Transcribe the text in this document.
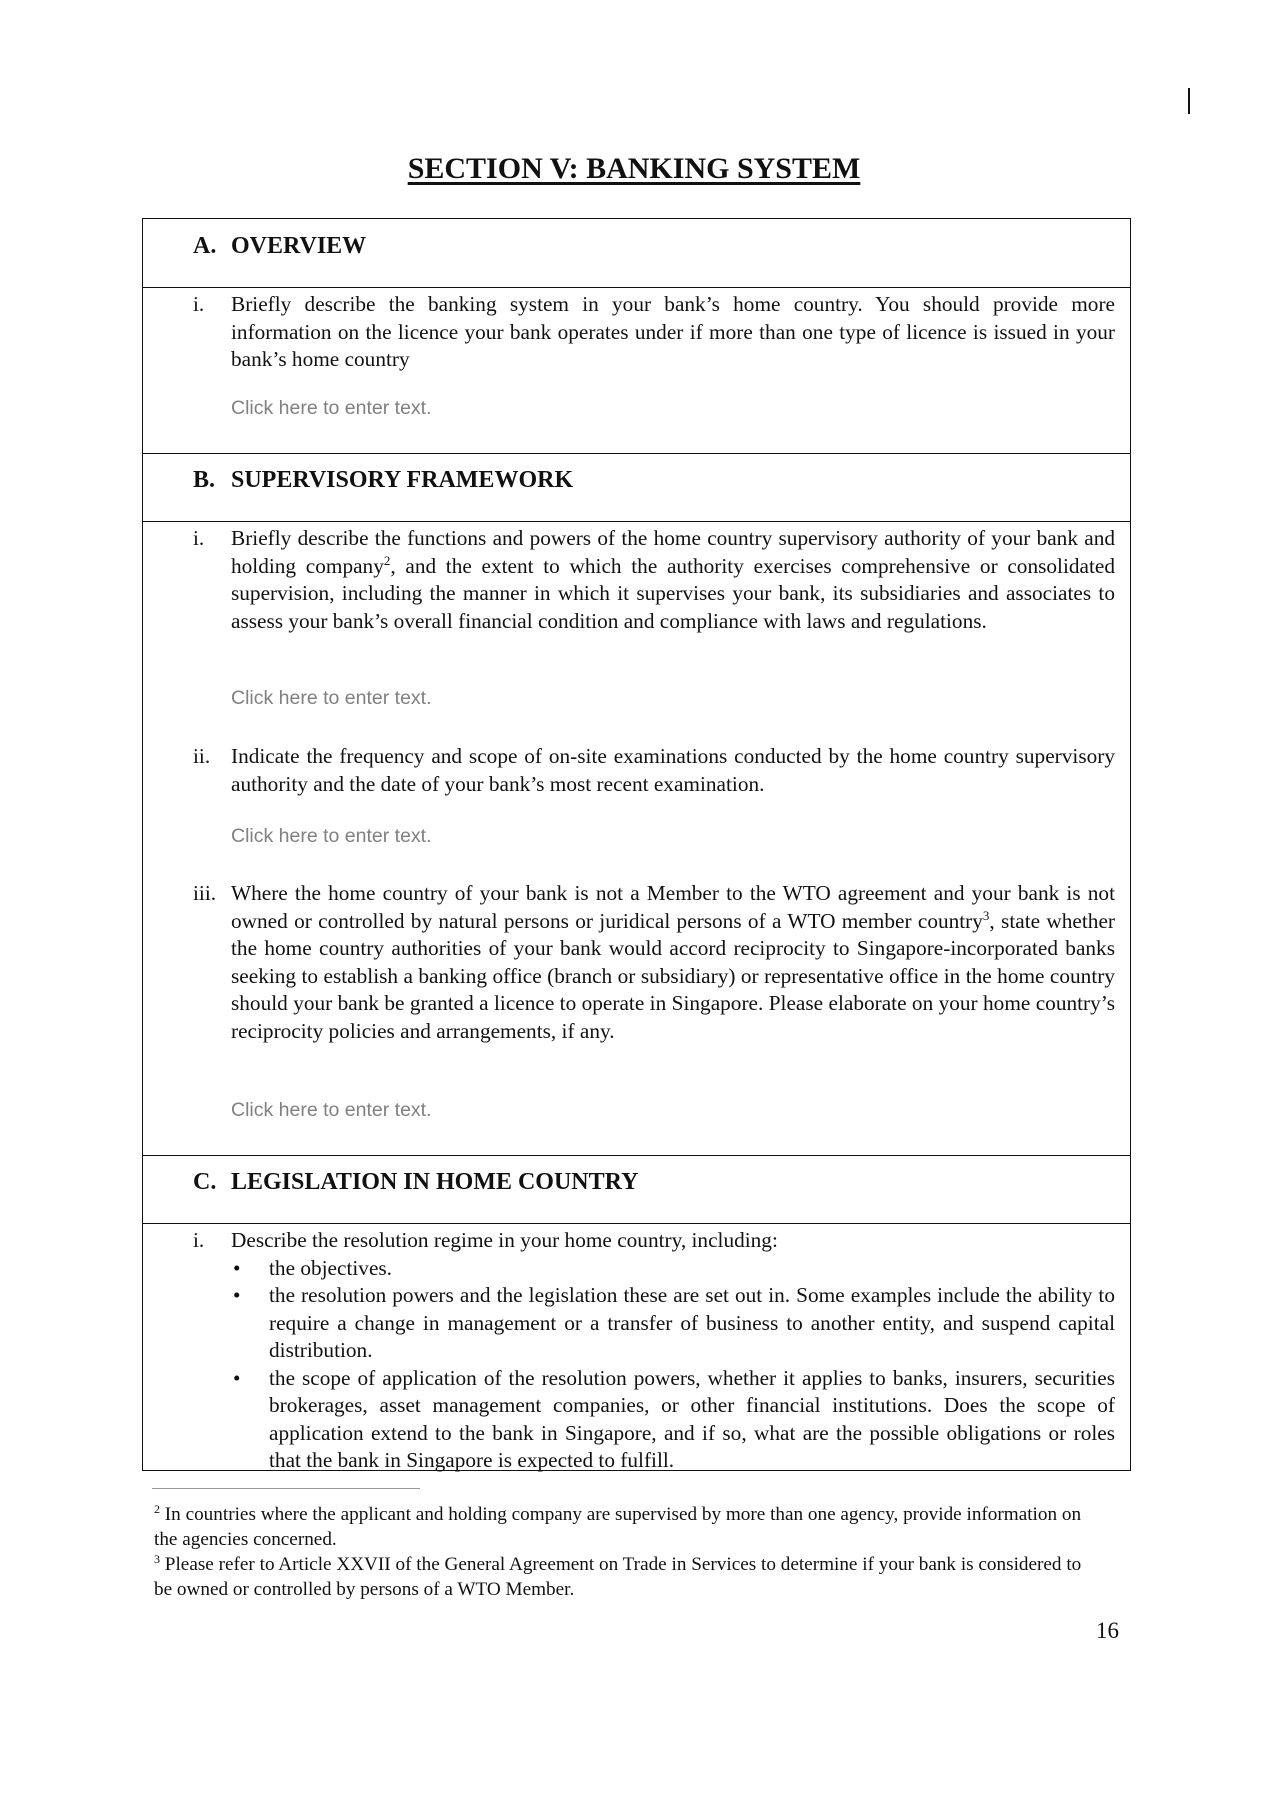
SECTION V: BANKING SYSTEM
A. OVERVIEW
i.	Briefly describe the banking system in your bank’s home country. You should provide more information on the licence your bank operates under if more than one type of licence is issued in your bank’s home country
Click here to enter text.
B. SUPERVISORY FRAMEWORK
i.	Briefly describe the functions and powers of the home country supervisory authority of your bank and holding company$^2$, and the extent to which the authority exercises comprehensive or consolidated supervision, including the manner in which it supervises your bank, its subsidiaries and associates to assess your bank’s overall financial condition and compliance with laws and regulations.
Click here to enter text.
ii. Indicate the frequency and scope of on-site examinations conducted by the home country supervisory authority and the date of your bank’s most recent examination.
Click here to enter text.
iii. Where the home country of your bank is not a Member to the WTO agreement and your bank is not owned or controlled by natural persons or juridical persons of a WTO member country$^3$, state whether the home country authorities of your bank would accord reciprocity to Singapore-incorporated banks seeking to establish a banking office (branch or subsidiary) or representative office in the home country should your bank be granted a licence to operate in Singapore. Please elaborate on your home country’s reciprocity policies and arrangements, if any.
Click here to enter text.
C. LEGISLATION IN HOME COUNTRY
i.	Describe the resolution regime in your home country, including:
• the objectives.
• the resolution powers and the legislation these are set out in. Some examples include the ability to require a change in management or a transfer of business to another entity, and suspend capital distribution.
• the scope of application of the resolution powers, whether it applies to banks, insurers, securities brokerages, asset management companies, or other financial institutions. Does the scope of application extend to the bank in Singapore, and if so, what are the possible obligations or roles that the bank in Singapore is expected to fulfill.
$^2$ In countries where the applicant and holding company are supervised by more than one agency, provide information on the agencies concerned.
$^3$ Please refer to Article XXVII of the General Agreement on Trade in Services to determine if your bank is considered to be owned or controlled by persons of a WTO Member.
16
